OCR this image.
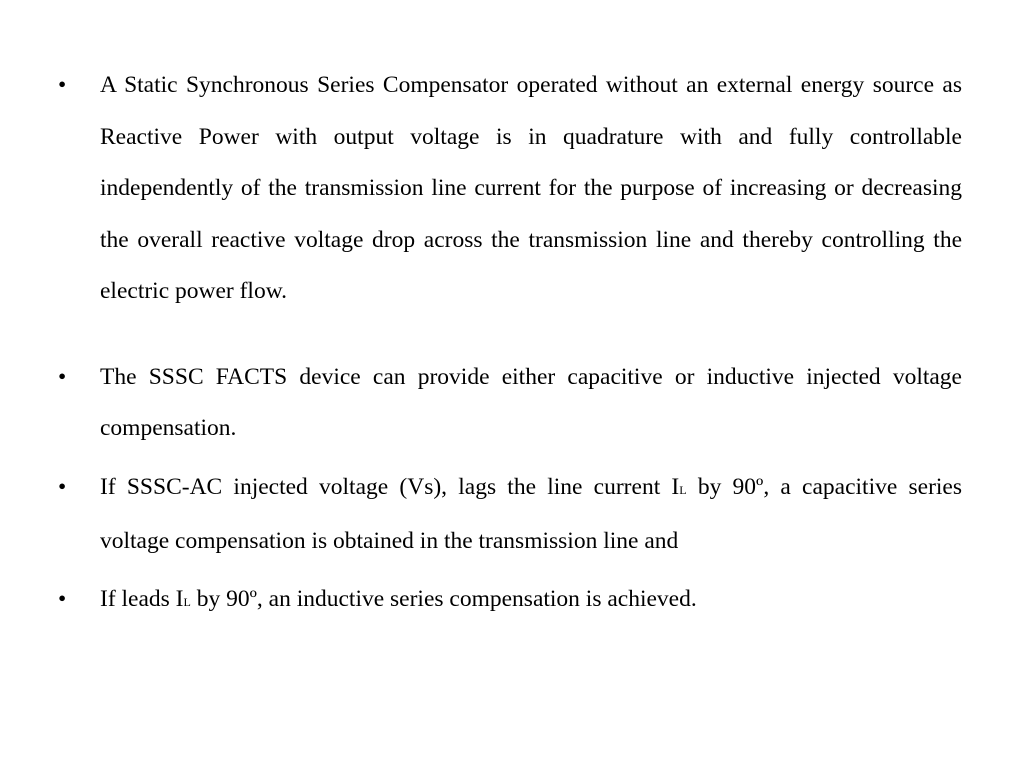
• A Static Synchronous Series Compensator operated without an external energy source as Reactive Power with output voltage is in quadrature with and fully controllable independently of the transmission line current for the purpose of increasing or decreasing the overall reactive voltage drop across the transmission line and thereby controlling the electric power flow.
• The SSSC FACTS device can provide either capacitive or inductive injected voltage compensation.
• If SSSC-AC injected voltage (Vs), lags the line current IL by 90º, a capacitive series voltage compensation is obtained in the transmission line and
• If leads IL by 90º, an inductive series compensation is achieved.
